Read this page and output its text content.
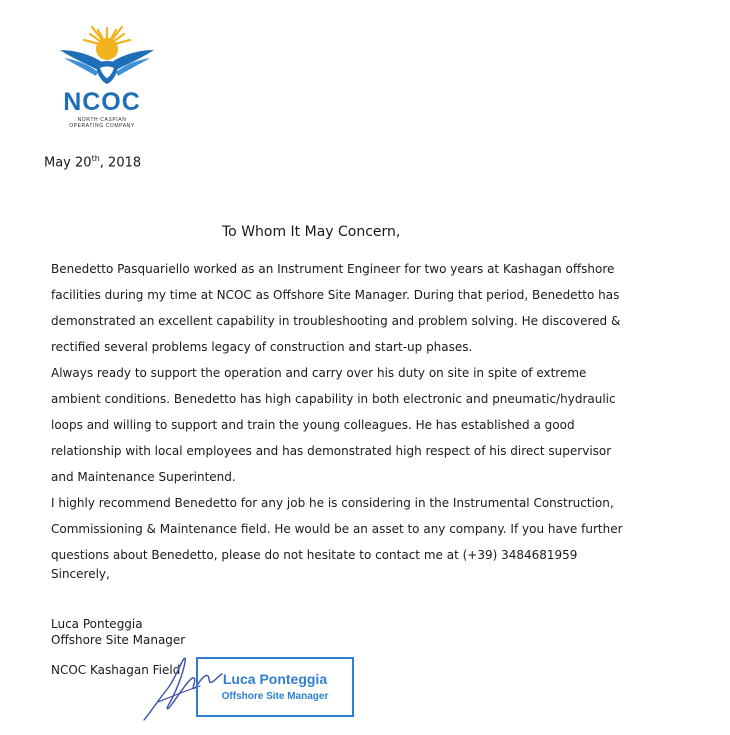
NCOC
NORTH CASPIAN
OPERATING COMPANY
May 20th, 2018
To Whom It May Concern,

Benedetto Pasquariello worked as an Instrument Engineer for two years at Kashagan offshore facilities during my time at NCOC as Offshore Site Manager. During that period, Benedetto has demonstrated an excellent capability in troubleshooting and problem solving. He discovered & rectified several problems legacy of construction and start-up phases.

Always ready to support the operation and carry over his duty on site in spite of extreme ambient conditions. Benedetto has high capability in both electronic and pneumatic/hydraulic loops and willing to support and train the young colleagues. He has established a good relationship with local employees and has demonstrated high respect of his direct supervisor and Maintenance Superintend.

I highly recommend Benedetto for any job he is considering in the Instrumental Construction, Commissioning & Maintenance field. He would be an asset to any company. If you have further questions about Benedetto, please do not hesitate to contact me at (+39) 3484681959

Sincerely,
Luca Ponteggia
Offshore Site Manager
NCOC Kashagan Field
Luca Ponteggia
Offshore Site Manager
